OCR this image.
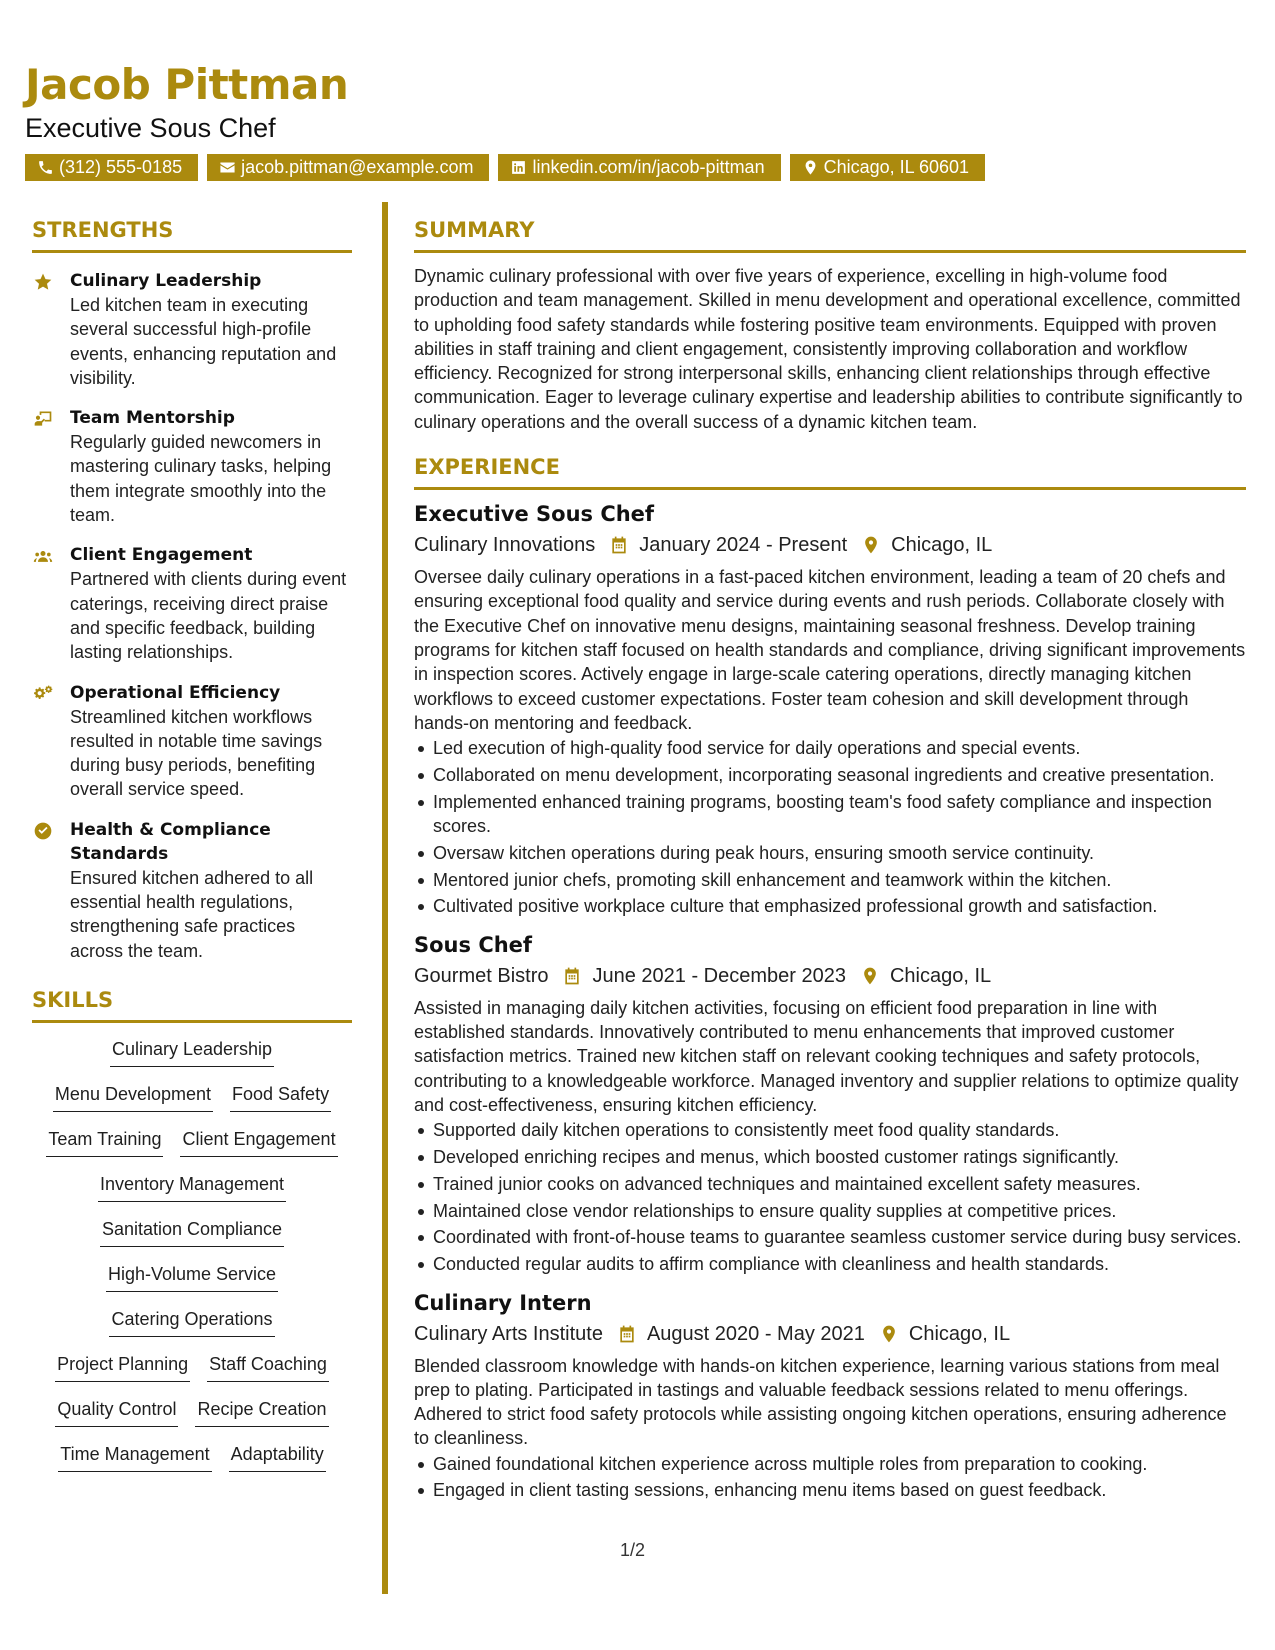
Jacob Pittman
Executive Sous Chef
(312) 555-0185	jacob.pittman@example.com	linkedin.com/in/jacob-pittman	Chicago, IL 60601
STRENGTHS
Culinary Leadership
Led kitchen team in executing several successful high-profile events, enhancing reputation and visibility.
Team Mentorship
Regularly guided newcomers in mastering culinary tasks, helping them integrate smoothly into the team.
Client Engagement
Partnered with clients during event caterings, receiving direct praise and specific feedback, building lasting relationships.
Operational Efficiency
Streamlined kitchen workflows resulted in notable time savings during busy periods, benefiting overall service speed.
Health & Compliance Standards
Ensured kitchen adhered to all essential health regulations, strengthening safe practices across the team.
SKILLS
Culinary Leadership
Menu Development Food Safety
Team Training Client Engagement
Inventory Management
Sanitation Compliance
High-Volume Service
Catering Operations
Project Planning Staff Coaching
Quality Control Recipe Creation
Time Management Adaptability
SUMMARY
Dynamic culinary professional with over five years of experience, excelling in high-volume food production and team management. Skilled in menu development and operational excellence, committed to upholding food safety standards while fostering positive team environments. Equipped with proven abilities in staff training and client engagement, consistently improving collaboration and workflow efficiency. Recognized for strong interpersonal skills, enhancing client relationships through effective communication. Eager to leverage culinary expertise and leadership abilities to contribute significantly to culinary operations and the overall success of a dynamic kitchen team.
EXPERIENCE
Executive Sous Chef
Culinary Innovations January 2024 - Present Chicago, IL
Oversee daily culinary operations in a fast-paced kitchen environment, leading a team of 20 chefs and ensuring exceptional food quality and service during events and rush periods. Collaborate closely with the Executive Chef on innovative menu designs, maintaining seasonal freshness. Develop training programs for kitchen staff focused on health standards and compliance, driving significant improvements in inspection scores. Actively engage in large-scale catering operations, directly managing kitchen workflows to exceed customer expectations. Foster team cohesion and skill development through hands-on mentoring and feedback.
Led execution of high-quality food service for daily operations and special events.
Collaborated on menu development, incorporating seasonal ingredients and creative presentation.
Implemented enhanced training programs, boosting team's food safety compliance and inspection scores.
Oversaw kitchen operations during peak hours, ensuring smooth service continuity.
Mentored junior chefs, promoting skill enhancement and teamwork within the kitchen.
Cultivated positive workplace culture that emphasized professional growth and satisfaction.
Sous Chef
Gourmet Bistro June 2021 - December 2023 Chicago, IL
Assisted in managing daily kitchen activities, focusing on efficient food preparation in line with established standards. Innovatively contributed to menu enhancements that improved customer satisfaction metrics. Trained new kitchen staff on relevant cooking techniques and safety protocols, contributing to a knowledgeable workforce. Managed inventory and supplier relations to optimize quality and cost-effectiveness, ensuring kitchen efficiency.
Supported daily kitchen operations to consistently meet food quality standards.
Developed enriching recipes and menus, which boosted customer ratings significantly.
Trained junior cooks on advanced techniques and maintained excellent safety measures.
Maintained close vendor relationships to ensure quality supplies at competitive prices.
Coordinated with front-of-house teams to guarantee seamless customer service during busy services.
Conducted regular audits to affirm compliance with cleanliness and health standards.
Culinary Intern
Culinary Arts Institute August 2020 - May 2021 Chicago, IL
Blended classroom knowledge with hands-on kitchen experience, learning various stations from meal prep to plating. Participated in tastings and valuable feedback sessions related to menu offerings. Adhered to strict food safety protocols while assisting ongoing kitchen operations, ensuring adherence to cleanliness.
Gained foundational kitchen experience across multiple roles from preparation to cooking.
Engaged in client tasting sessions, enhancing menu items based on guest feedback.
1/2
